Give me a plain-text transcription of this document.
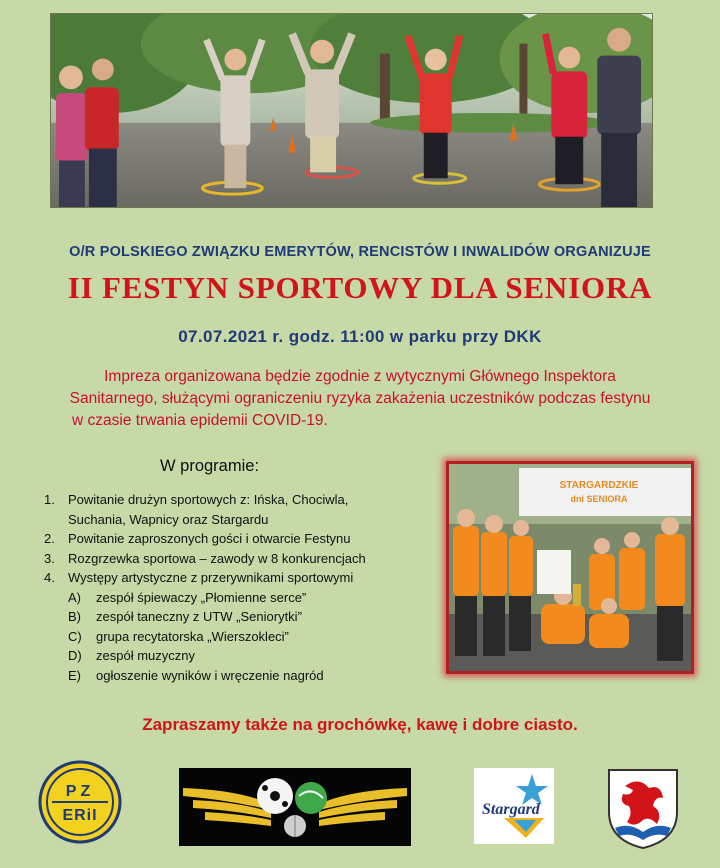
O/R POLSKIEGO ZWIĄZKU EMERYTÓW, RENCISTÓW I INWALIDÓW ORGANIZUJE
II FESTYN SPORTOWY DLA SENIORA
07.07.2021 r. godz. 11:00 w parku przy DKK
Impreza organizowana będzie zgodnie z wytycznymi Głównego Inspektora
Sanitarnego, służącymi ograniczeniu ryzyka zakażenia uczestników podczas festynu
w czasie trwania epidemii COVID-19.
W programie:
1.	Powitanie drużyn sportowych z: Ińska, Chociwla, Suchania, Wapnicy oraz Stargardu
2.	Powitanie zaproszonych gości i otwarcie Festynu
3.	Rozgrzewka sportowa – zawody w 8 konkurencjach
4.	Występy artystyczne z przerywnikami sportowymi
A)	zespół śpiewaczy „Płomienne serce”
B)	zespół taneczny z UTW „Seniorytki”
C)	grupa recytatorska „Wierszokleci”
D)	zespół muzyczny
E)	ogłoszenie wyników i wręczenie nagród
STARGARDZKIE
dni SENIORA
Zapraszamy także na grochówkę, kawę i dobre ciasto.
PZ
ERiI	Stargard
